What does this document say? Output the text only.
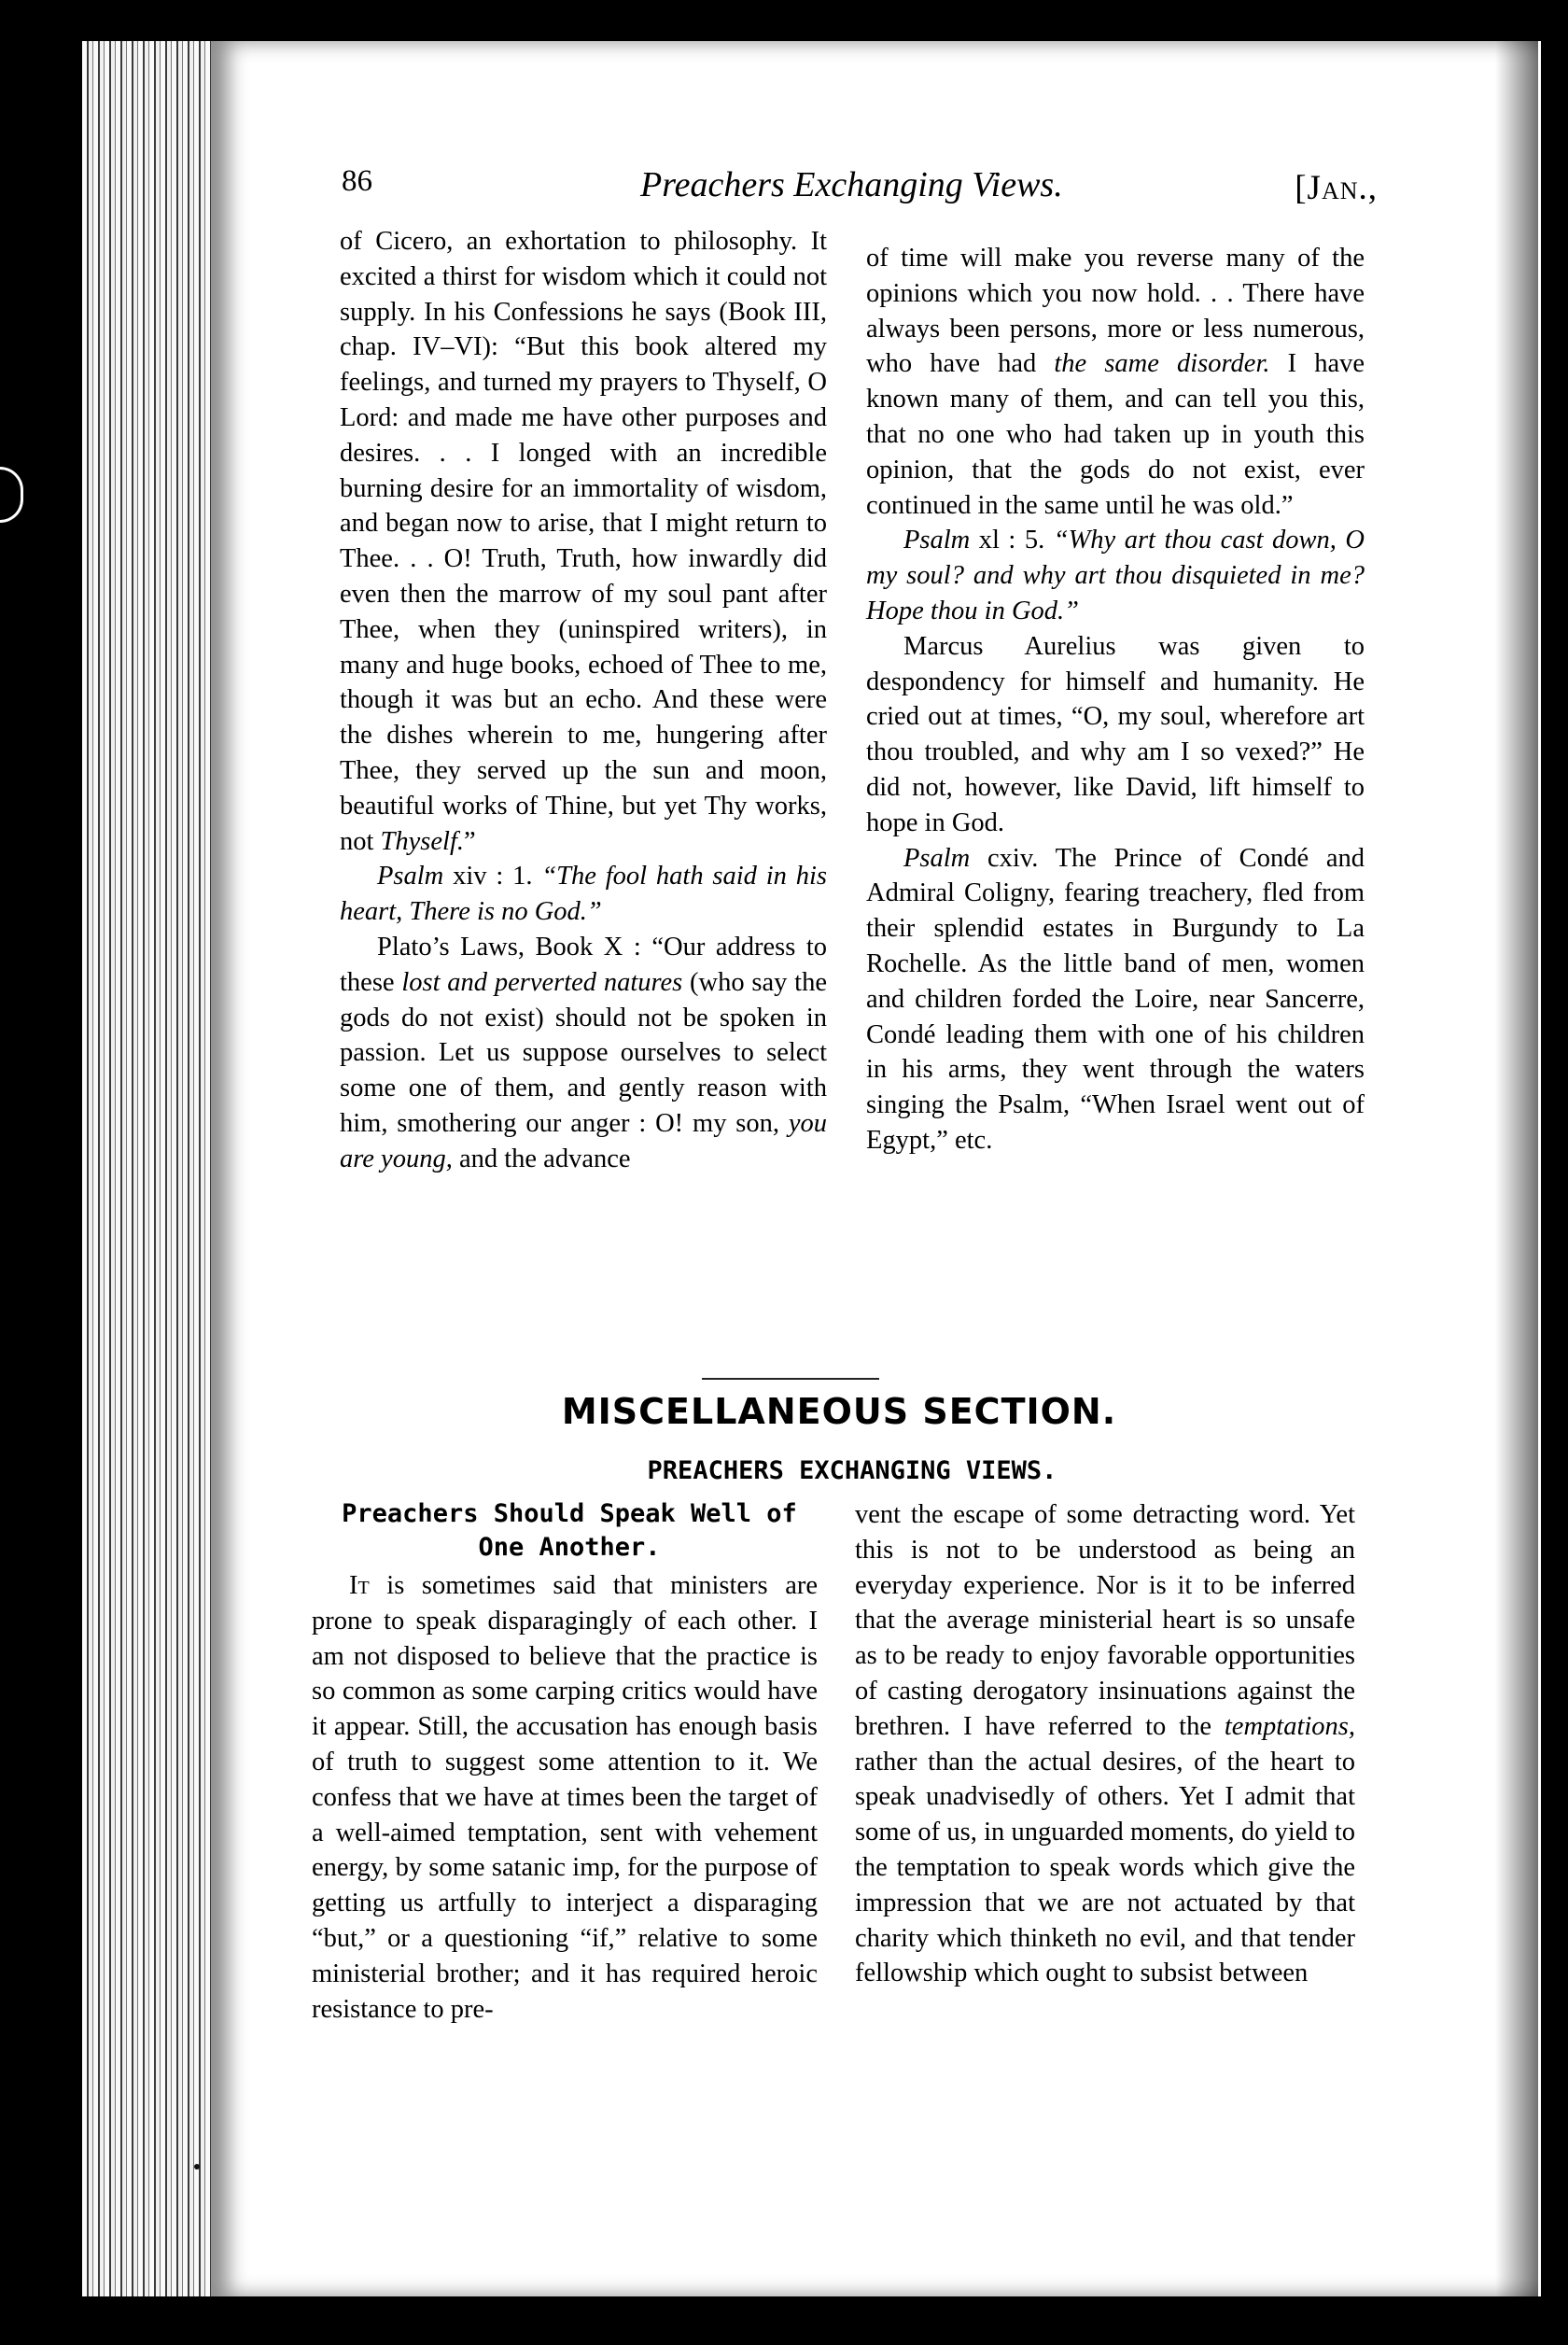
86	Preachers Exchanging Views.	[Jan.,

of Cicero, an exhortation to philosophy. It excited a thirst for wisdom which it could not supply. In his Confessions he says (Book III, chap. IV–VI): “But this book altered my feelings, and turned my prayers to Thyself, O Lord: and made me have other purposes and desires. . . I longed with an incredible burning desire for an immortality of wisdom, and began now to arise, that I might return to Thee. . . O! Truth, Truth, how inwardly did even then the marrow of my soul pant after Thee, when they (uninspired writers), in many and huge books, echoed of Thee to me, though it was but an echo. And these were the dishes wherein to me, hungering after Thee, they served up the sun and moon, beautiful works of Thine, but yet Thy works, not Thyself.”

Psalm xiv : 1. “The fool hath said in his heart, There is no God.”

Plato’s Laws, Book X : “Our address to these lost and perverted natures (who say the gods do not exist) should not be spoken in passion. Let us suppose ourselves to select some one of them, and gently reason with him, smothering our anger : O! my son, you are young, and the advance

of time will make you reverse many of the opinions which you now hold. . . There have always been persons, more or less numerous, who have had the same disorder. I have known many of them, and can tell you this, that no one who had taken up in youth this opinion, that the gods do not exist, ever continued in the same until he was old.”

Psalm xl : 5. “Why art thou cast down, O my soul? and why art thou disquieted in me? Hope thou in God.”

Marcus Aurelius was given to despondency for himself and humanity. He cried out at times, “O, my soul, wherefore art thou troubled, and why am I so vexed?” He did not, however, like David, lift himself to hope in God.

Psalm cxiv. The Prince of Condé and Admiral Coligny, fearing treachery, fled from their splendid estates in Burgundy to La Rochelle. As the little band of men, women and children forded the Loire, near Sancerre, Condé leading them with one of his children in his arms, they went through the waters singing the Psalm, “When Israel went out of Egypt,” etc.

MISCELLANEOUS SECTION.
PREACHERS EXCHANGING VIEWS.
Preachers Should Speak Well of One Another.

It is sometimes said that ministers are prone to speak disparagingly of each other. I am not disposed to believe that the practice is so common as some carping critics would have it appear. Still, the accusation has enough basis of truth to suggest some attention to it. We confess that we have at times been the target of a well-aimed temptation, sent with vehement energy, by some satanic imp, for the purpose of getting us artfully to interject a disparaging “but,” or a questioning “if,” relative to some ministerial brother; and it has required heroic resistance to pre-

vent the escape of some detracting word. Yet this is not to be understood as being an everyday experience. Nor is it to be inferred that the average ministerial heart is so unsafe as to be ready to enjoy favorable opportunities of casting derogatory insinuations against the brethren. I have referred to the temptations, rather than the actual desires, of the heart to speak unadvisedly of others. Yet I admit that some of us, in unguarded moments, do yield to the temptation to speak words which give the impression that we are not actuated by that charity which thinketh no evil, and that tender fellowship which ought to subsist between
